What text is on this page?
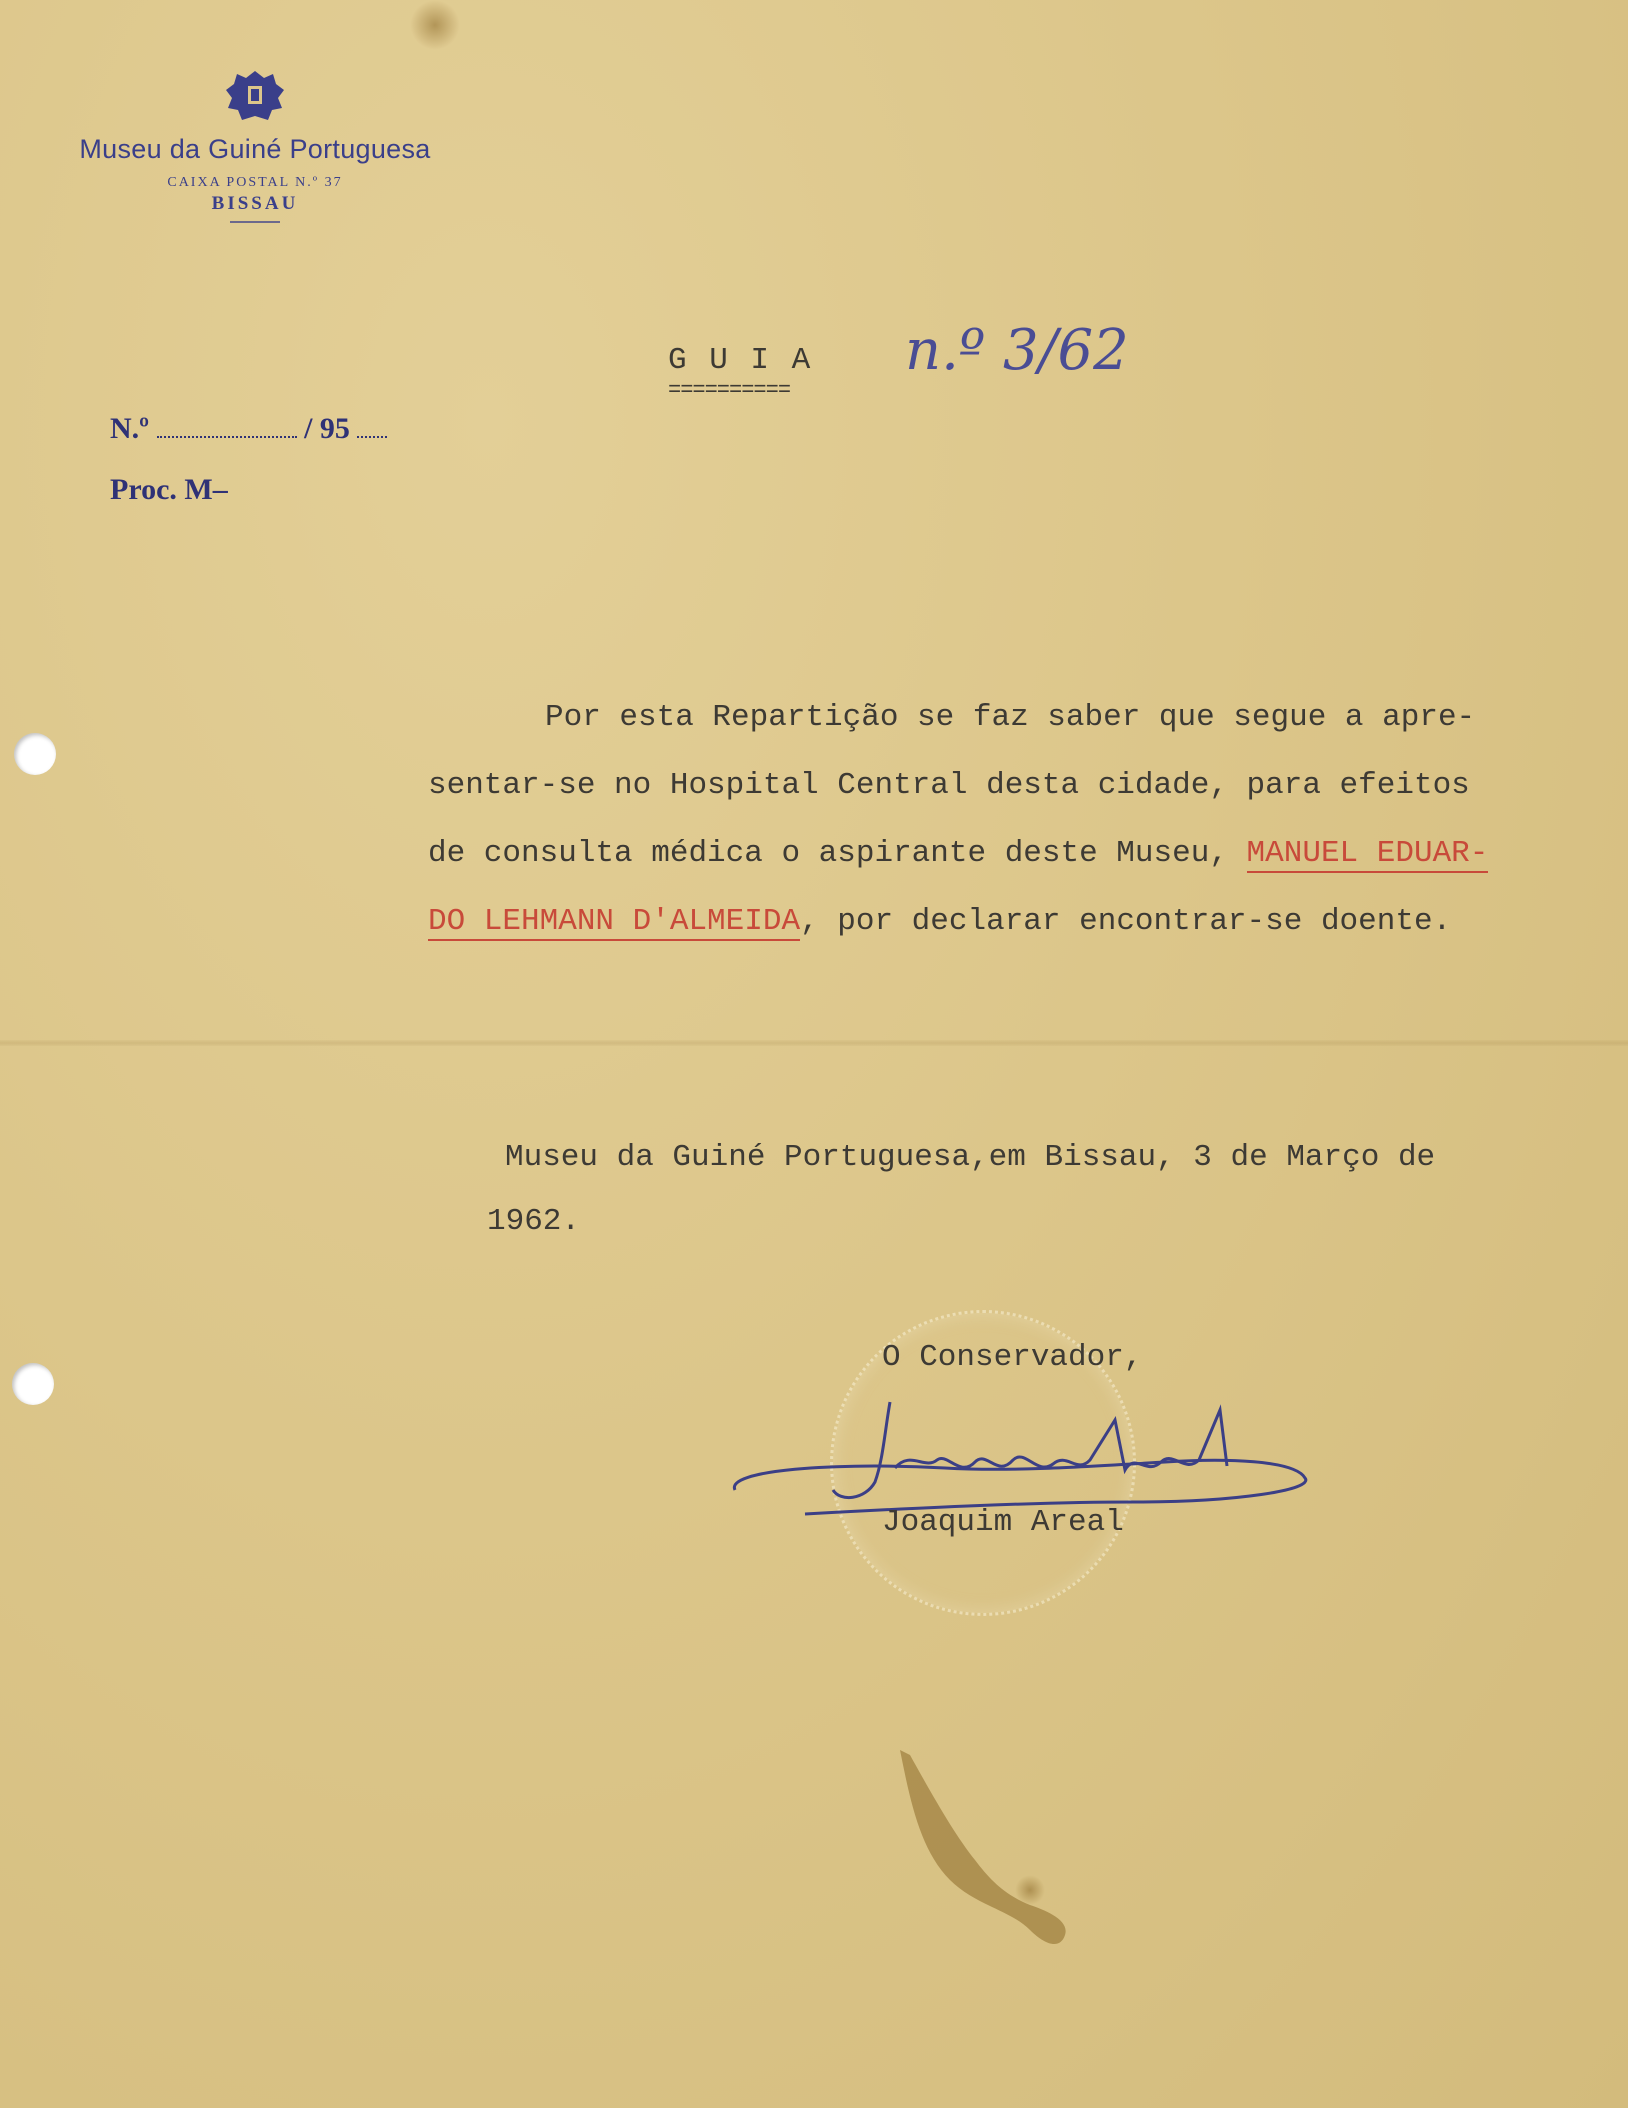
Museu da Guiné Portuguesa
CAIXA POSTAL N.º 37
BISSAU
N.º	/ 95
Proc. M–
G U I A
==========
n.º 3/62
Por esta Repartição se faz saber que segue a apre-
sentar-se no Hospital Central desta cidade, para efeitos
de consulta médica o aspirante deste Museu, MANUEL EDUAR-
DO LEHMANN D'ALMEIDA, por declarar encontrar-se doente.
Museu da Guiné Portuguesa,em Bissau, 3 de Março de
1962.
O Conservador,
Joaquim Areal
